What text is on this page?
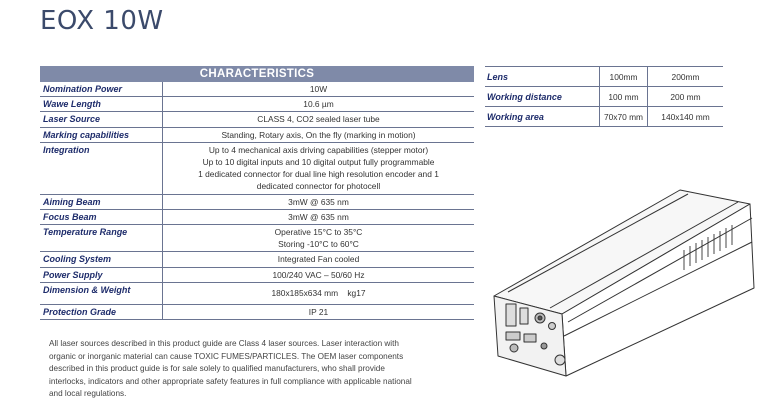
EOX 10W
CHARACTERISTICS	
Nomination Power	10W

Wawe Length	10.6 µm

Laser Source	CLASS 4, CO2 sealed laser tube

Marking capabilities	Standing, Rotary axis, On the fly (marking in motion)

Integration	Up to 4 mechanical axis driving capabilities (stepper motor)
Up to 10 digital inputs and 10 digital output fully programmable
1 dedicated connector for dual line high resolution encoder and 1
dedicated connector for photocell

Aiming Beam	3mW @ 635 nm

Focus Beam	3mW @ 635 nm

Temperature Range	Operative 15°C to 35°C
Storing -10°C to 60°C

Cooling System	Integrated Fan cooled

Power Supply	100/240 VAC – 50/60 Hz

Dimension & Weight	180x185x634 mm    kg17

Protection Grade	IP 21
Lens	100mm	200mm
Working distance	100 mm	200 mm
Working area	70x70 mm	140x140 mm
All laser sources described in this product guide are Class 4 laser sources. Laser interaction with
organic or inorganic material can cause TOXIC FUMES/PARTICLES. The OEM laser components
described in this product guide is for sale solely to qualified manufacturers, who shall provide
interlocks, indicators and other appropriate safety features in full compliance with applicable national
and local regulations.
